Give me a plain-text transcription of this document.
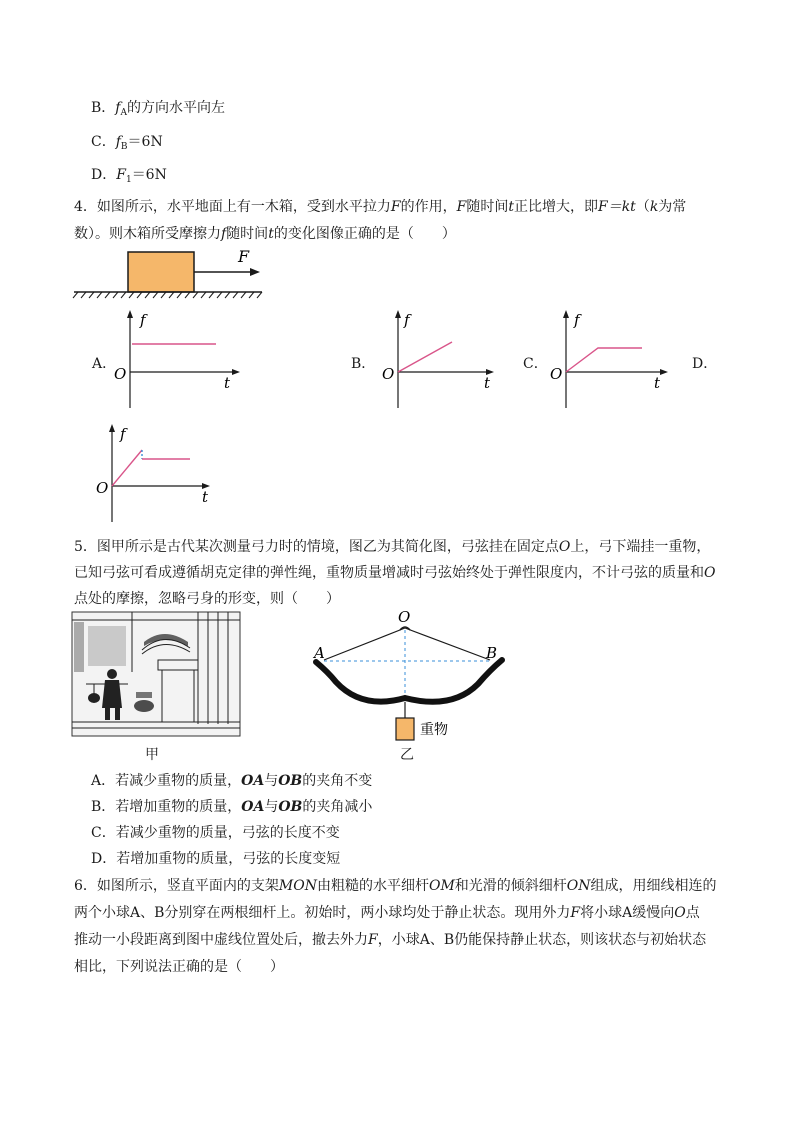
B．$f_A$的方向水平向左
C．$f_B=6N$
D．$F_1=6N$
4．如图所示，水平地面上有一木箱，受到水平拉力F的作用，F随时间t正比增大，即F＝kt（k为常
数）。则木箱所受摩擦力f随时间t的变化图像正确的是（　　）
F
A．	B．	C．	D．
f
t
O
f
t
O
f
t
O
f
t
O
5．图甲所示是古代某次测量弓力时的情境，图乙为其简化图，弓弦挂在固定点O上，弓下端挂一重物，
已知弓弦可看成遵循胡克定律的弹性绳，重物质量增减时弓弦始终处于弹性限度内，不计弓弦的质量和O
点处的摩擦，忽略弓身的形变，则（　　）
甲
O
A	B
重物
乙
A．若减少重物的质量，OA与OB的夹角不变
B．若增加重物的质量，OA与OB的夹角减小
C．若减少重物的质量，弓弦的长度不变
D．若增加重物的质量，弓弦的长度变短
6．如图所示，竖直平面内的支架MON由粗糙的水平细杆OM和光滑的倾斜细杆ON组成，用细线相连的
两个小球A、B分别穿在两根细杆上。初始时，两小球均处于静止状态。现用外力F将小球A缓慢向O点
推动一小段距离到图中虚线位置处后，撤去外力F，小球A、B仍能保持静止状态，则该状态与初始状态
相比，下列说法正确的是（　　）
